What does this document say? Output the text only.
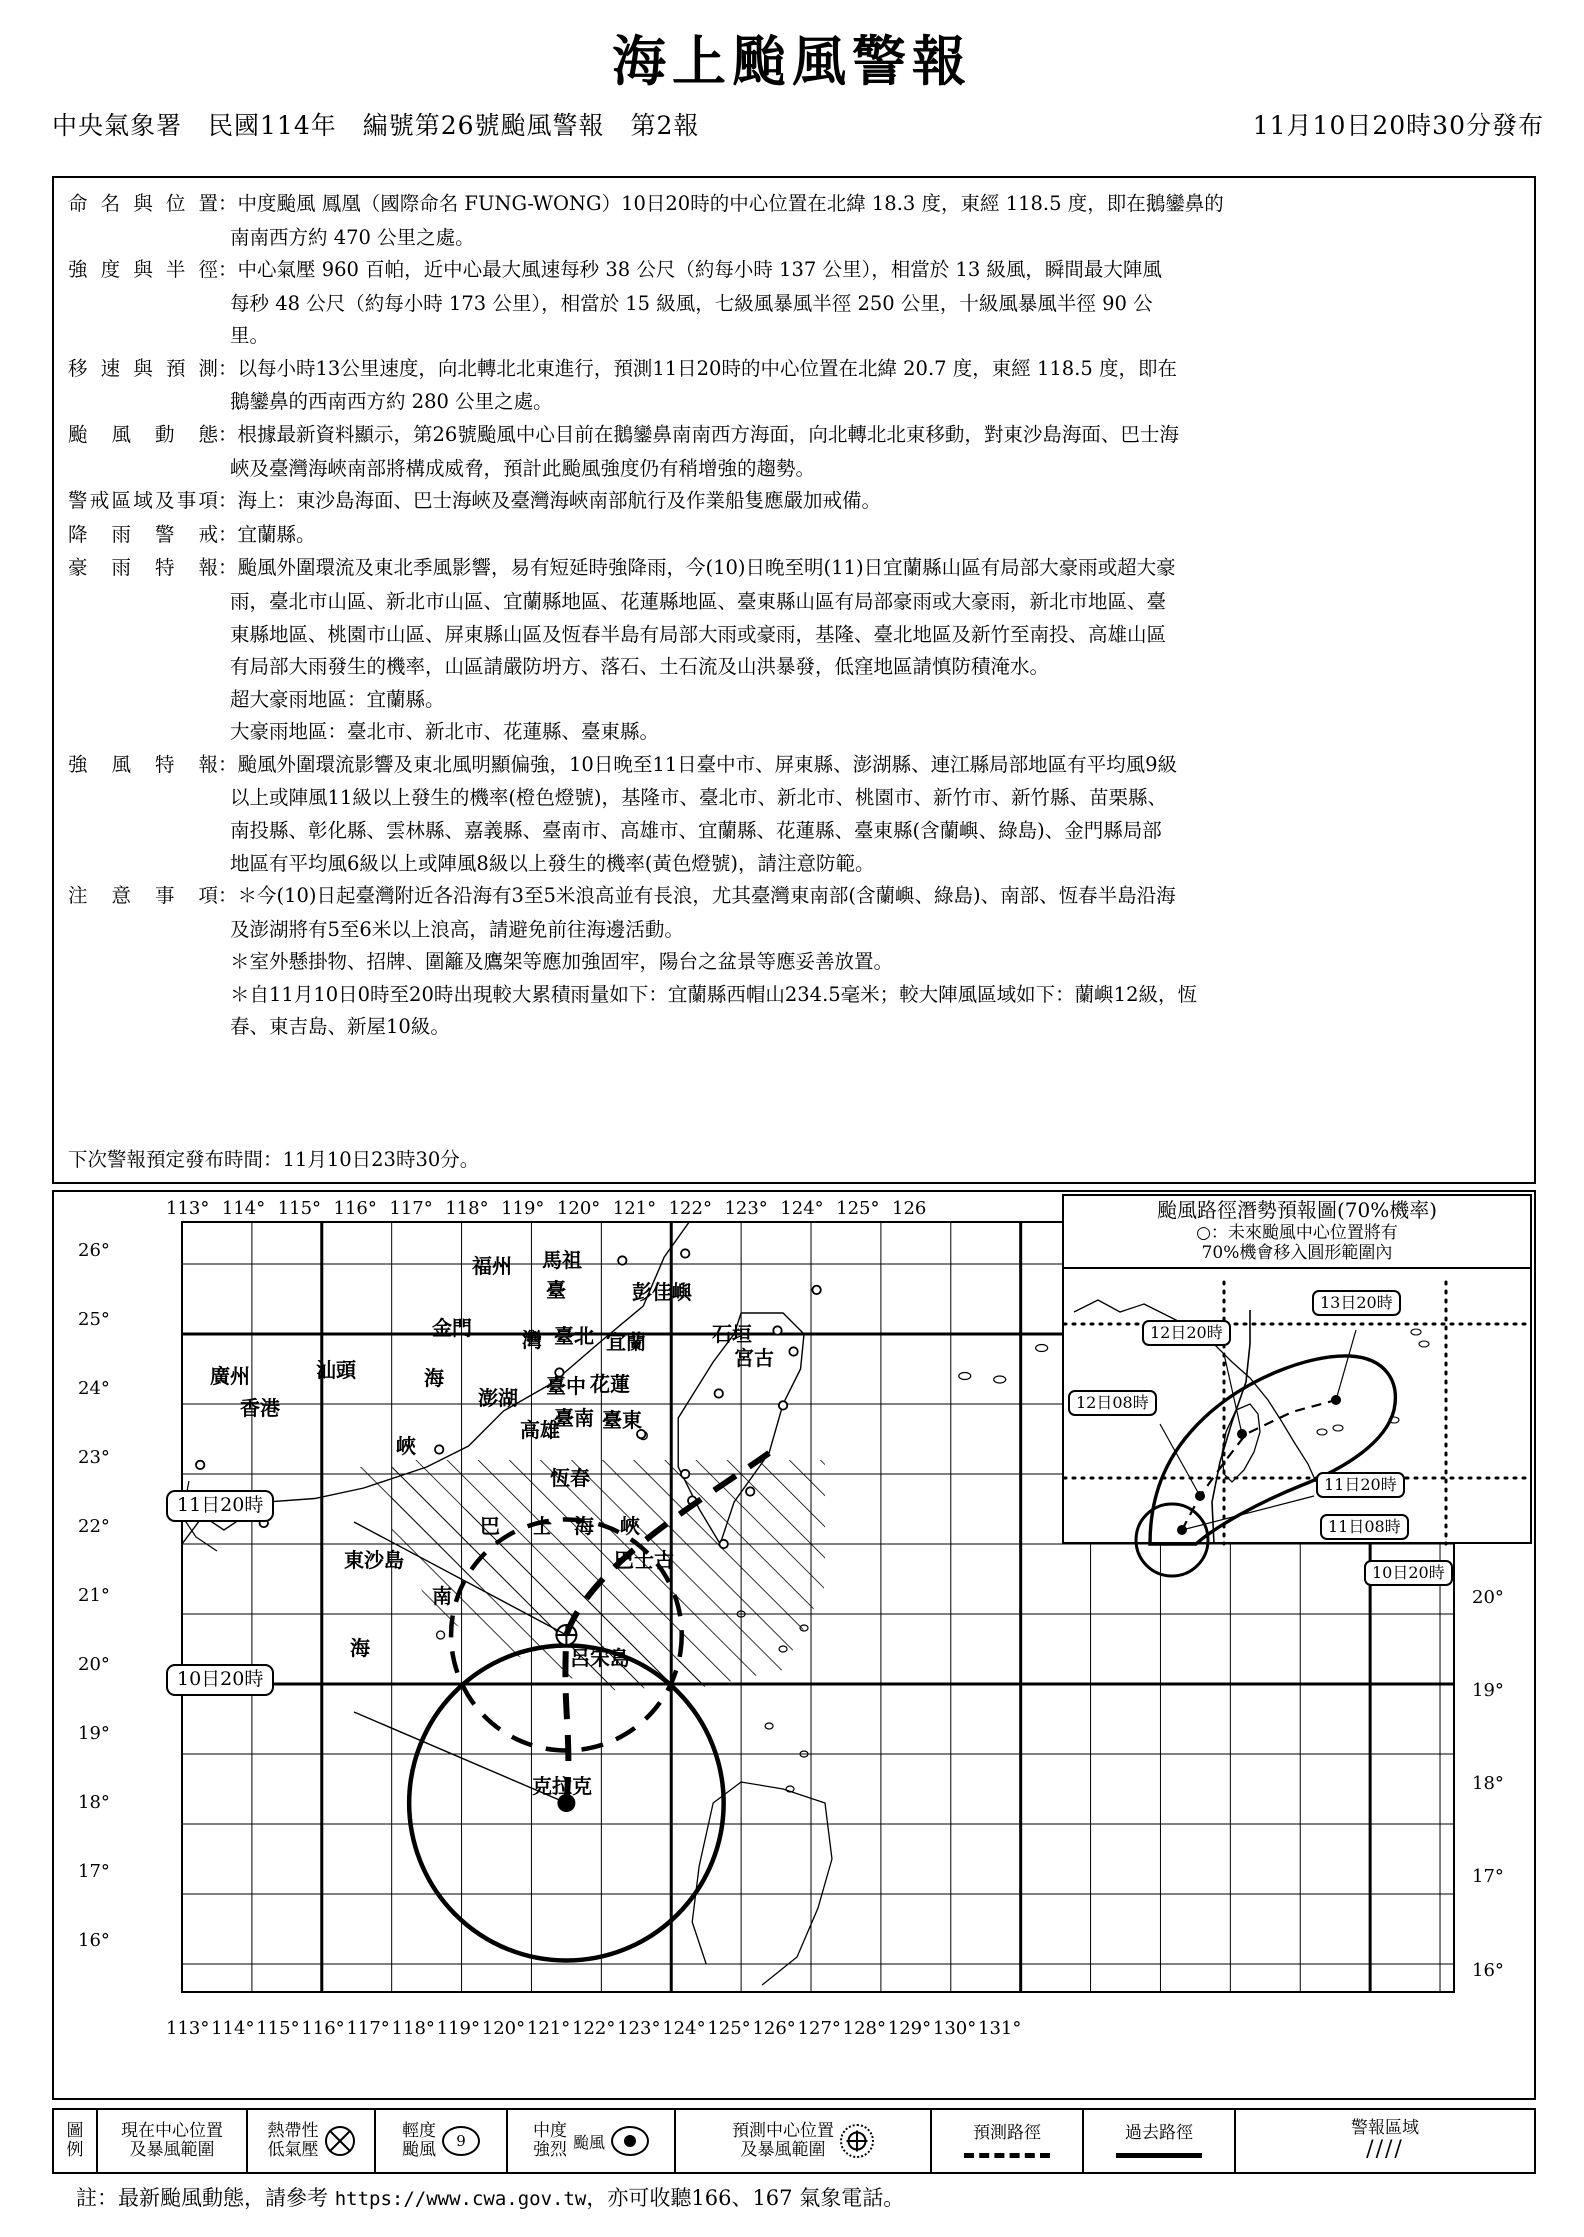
海上颱風警報
中央氣象署 民國114年 編號第26號颱風警報 第2報	11月10日20時30分發布
命名與位置 ： 中度颱風 鳳凰（國際命名 FUNG-WONG）10日20時的中心位置在北緯 18.3 度，東經 118.5 度，即在鵝鑾鼻的
南南西方約 470 公里之處。
強度與半徑 ： 中心氣壓 960 百帕，近中心最大風速每秒 38 公尺（約每小時 137 公里），相當於 13 級風，瞬間最大陣風
每秒 48 公尺（約每小時 173 公里），相當於 15 級風，七級風暴風半徑 250 公里，十級風暴風半徑 90 公
里。
移速與預測 ： 以每小時13公里速度，向北轉北北東進行，預測11日20時的中心位置在北緯 20.7 度，東經 118.5 度，即在
鵝鑾鼻的西南西方約 280 公里之處。
颱風動態 ： 根據最新資料顯示，第26號颱風中心目前在鵝鑾鼻南南西方海面，向北轉北北東移動，對東沙島海面、巴士海
峽及臺灣海峽南部將構成威脅，預計此颱風強度仍有稍增強的趨勢。
警戒區域及事項 ： 海上：東沙島海面、巴士海峽及臺灣海峽南部航行及作業船隻應嚴加戒備。
降雨警戒 ： 宜蘭縣。
豪雨特報 ： 颱風外圍環流及東北季風影響，易有短延時強降雨，今(10)日晚至明(11)日宜蘭縣山區有局部大豪雨或超大豪
雨，臺北市山區、新北市山區、宜蘭縣地區、花蓮縣地區、臺東縣山區有局部豪雨或大豪雨，新北市地區、臺
東縣地區、桃園市山區、屏東縣山區及恆春半島有局部大雨或豪雨，基隆、臺北地區及新竹至南投、高雄山區
有局部大雨發生的機率，山區請嚴防坍方、落石、土石流及山洪暴發，低窪地區請慎防積淹水。
超大豪雨地區：宜蘭縣。
大豪雨地區：臺北市、新北市、花蓮縣、臺東縣。
強風特報 ： 颱風外圍環流影響及東北風明顯偏強，10日晚至11日臺中市、屏東縣、澎湖縣、連江縣局部地區有平均風9級
以上或陣風11級以上發生的機率(橙色燈號)，基隆市、臺北市、新北市、桃園市、新竹市、新竹縣、苗栗縣、
南投縣、彰化縣、雲林縣、嘉義縣、臺南市、高雄市、宜蘭縣、花蓮縣、臺東縣(含蘭嶼、綠島)、金門縣局部
地區有平均風6級以上或陣風8級以上發生的機率(黃色燈號)，請注意防範。
注意事項 ： ＊今(10)日起臺灣附近各沿海有3至5米浪高並有長浪，尤其臺灣東南部(含蘭嶼、綠島)、南部、恆春半島沿海
及澎湖將有5至6米以上浪高，請避免前往海邊活動。
＊室外懸掛物、招牌、圍籬及鷹架等應加強固牢，陽台之盆景等應妥善放置。
＊自11月10日0時至20時出現較大累積雨量如下：宜蘭縣西帽山234.5毫米；較大陣風區域如下：蘭嶼12級，恆
春、東吉島、新屋10級。
下次警報預定發布時間：11月10日23時30分。
113° 114° 115° 116° 117° 118° 119° 120° 121° 122° 123° 124° 125° 126
113° 114° 115° 116° 117° 118° 119° 120° 121° 122° 123° 124° 125° 126° 127° 128° 129° 130° 131°
26°
25°
24°
23°
22°
21°
20°
19°
18°
17°
16°
20°
19°
18°
17°
16°
福州 馬祖
彭佳嶼
臺
灣 臺北 宜蘭	石垣
宮古
金門
海	臺中 花蓮
廣州
香港
汕頭
澎湖
臺南 臺東
高雄
峽
恆春
巴 士 海 峽
巴士古
東沙島
南
海	呂宋島
克拉克
11日20時
10日20時
颱風路徑潛勢預報圖(70%機率)
○：未來颱風中心位置將有
70%機會移入圓形範圍內
13日20時
12日20時
12日08時
11日20時
11日08時
10日20時
圖
例
現在中心位置
及暴風範圍
熱帶性
低氣壓
輕度
颱風 9
中度
強烈 颱風
預測中心位置
及暴風範圍
預測路徑	過去路徑	警報區域
////
註：最新颱風動態，請參考 https://www.cwa.gov.tw，亦可收聽166、167 氣象電話。
